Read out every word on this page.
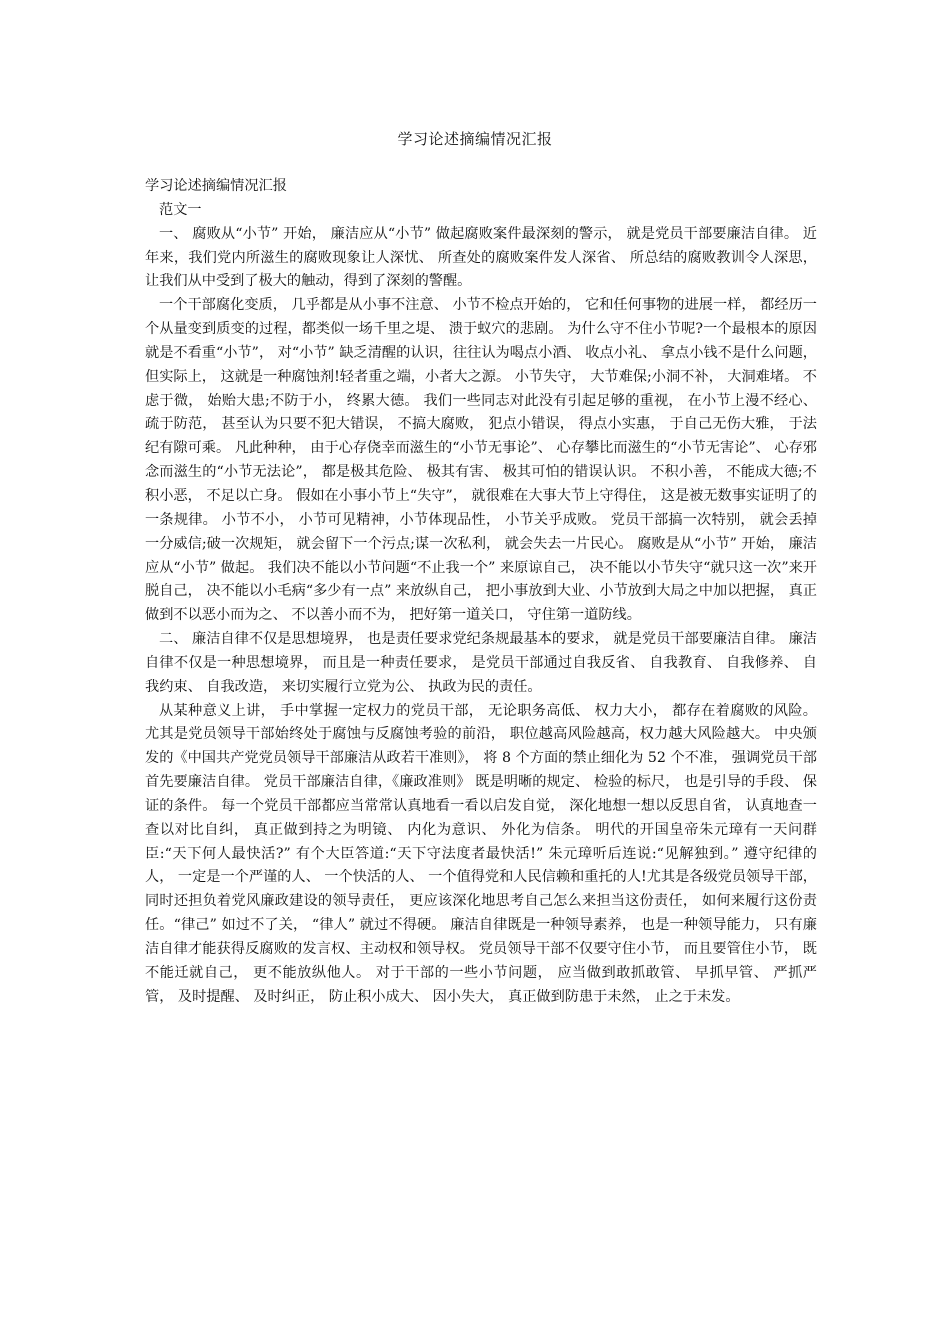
学习论述摘编情况汇报

学习论述摘编情况汇报

范文一

一、 腐败从“小节” 开始， 廉洁应从“小节” 做起腐败案件最深刻的警示， 就是党员干部要廉洁自律。 近年来，我们党内所滋生的腐败现象让人深忧、 所查处的腐败案件发人深省、 所总结的腐败教训令人深思， 让我们从中受到了极大的触动，得到了深刻的警醒。

一个干部腐化变质， 几乎都是从小事不注意、 小节不检点开始的， 它和任何事物的进展一样， 都经历一个从量变到质变的过程，都类似一场千里之堤、 溃于蚁穴的悲剧。 为什么守不住小节呢?一个最根本的原因就是不看重“小节”， 对“小节” 缺乏清醒的认识，往往认为喝点小酒、 收点小礼、 拿点小钱不是什么问题， 但实际上， 这就是一种腐蚀剂!轻者重之端，小者大之源。 小节失守， 大节难保;小洞不补， 大洞难堵。 不虑于微， 始贻大患;不防于小， 终累大德。 我们一些同志对此没有引起足够的重视， 在小节上漫不经心、 疏于防范， 甚至认为只要不犯大错误， 不搞大腐败， 犯点小错误， 得点小实惠， 于自己无伤大雅， 于法纪有隙可乘。 凡此种种， 由于心存侥幸而滋生的“小节无事论”、 心存攀比而滋生的“小节无害论”、 心存邪念而滋生的“小节无法论”， 都是极其危险、 极其有害、 极其可怕的错误认识。 不积小善， 不能成大德;不积小恶， 不足以亡身。 假如在小事小节上“失守”， 就很难在大事大节上守得住， 这是被无数事实证明了的一条规律。 小节不小， 小节可见精神，小节体现品性， 小节关乎成败。 党员干部搞一次特别， 就会丢掉一分威信;破一次规矩， 就会留下一个污点;谋一次私利， 就会失去一片民心。 腐败是从“小节” 开始， 廉洁应从“小节” 做起。 我们决不能以小节问题“不止我一个” 来原谅自己， 决不能以小节失守“就只这一次”来开脱自己， 决不能以小毛病“多少有一点” 来放纵自己， 把小事放到大业、小节放到大局之中加以把握， 真正做到不以恶小而为之、 不以善小而不为， 把好第一道关口， 守住第一道防线。

二、 廉洁自律不仅是思想境界， 也是责任要求党纪条规最基本的要求， 就是党员干部要廉洁自律。 廉洁自律不仅是一种思想境界， 而且是一种责任要求， 是党员干部通过自我反省、 自我教育、 自我修养、 自我约束、 自我改造， 来切实履行立党为公、 执政为民的责任。

从某种意义上讲， 手中掌握一定权力的党员干部， 无论职务高低、 权力大小， 都存在着腐败的风险。 尤其是党员领导干部始终处于腐蚀与反腐蚀考验的前沿， 职位越高风险越高，权力越大风险越大。 中央颁发的《中国共产党党员领导干部廉洁从政若干准则》， 将 8 个方面的禁止细化为 52 个不准， 强调党员干部首先要廉洁自律。 党员干部廉洁自律，《廉政准则》 既是明晰的规定、 检验的标尺， 也是引导的手段、 保证的条件。 每一个党员干部都应当常常认真地看一看以启发自觉， 深化地想一想以反思自省， 认真地查一查以对比自纠， 真正做到持之为明镜、 内化为意识、 外化为信条。 明代的开国皇帝朱元璋有一天问群臣:“天下何人最快活?” 有个大臣答道:“天下守法度者最快活!” 朱元璋听后连说:“见解独到。” 遵守纪律的人， 一定是一个严谨的人、 一个快活的人、 一个值得党和人民信赖和重托的人!尤其是各级党员领导干部， 同时还担负着党风廉政建设的领导责任， 更应该深化地思考自己怎么来担当这份责任， 如何来履行这份责任。“律己” 如过不了关， “律人” 就过不得硬。 廉洁自律既是一种领导素养， 也是一种领导能力， 只有廉洁自律才能获得反腐败的发言权、主动权和领导权。 党员领导干部不仅要守住小节， 而且要管住小节， 既不能迁就自己， 更不能放纵他人。 对于干部的一些小节问题， 应当做到敢抓敢管、 早抓早管、 严抓严管， 及时提醒、 及时纠正， 防止积小成大、 因小失大， 真正做到防患于未然， 止之于未发。
